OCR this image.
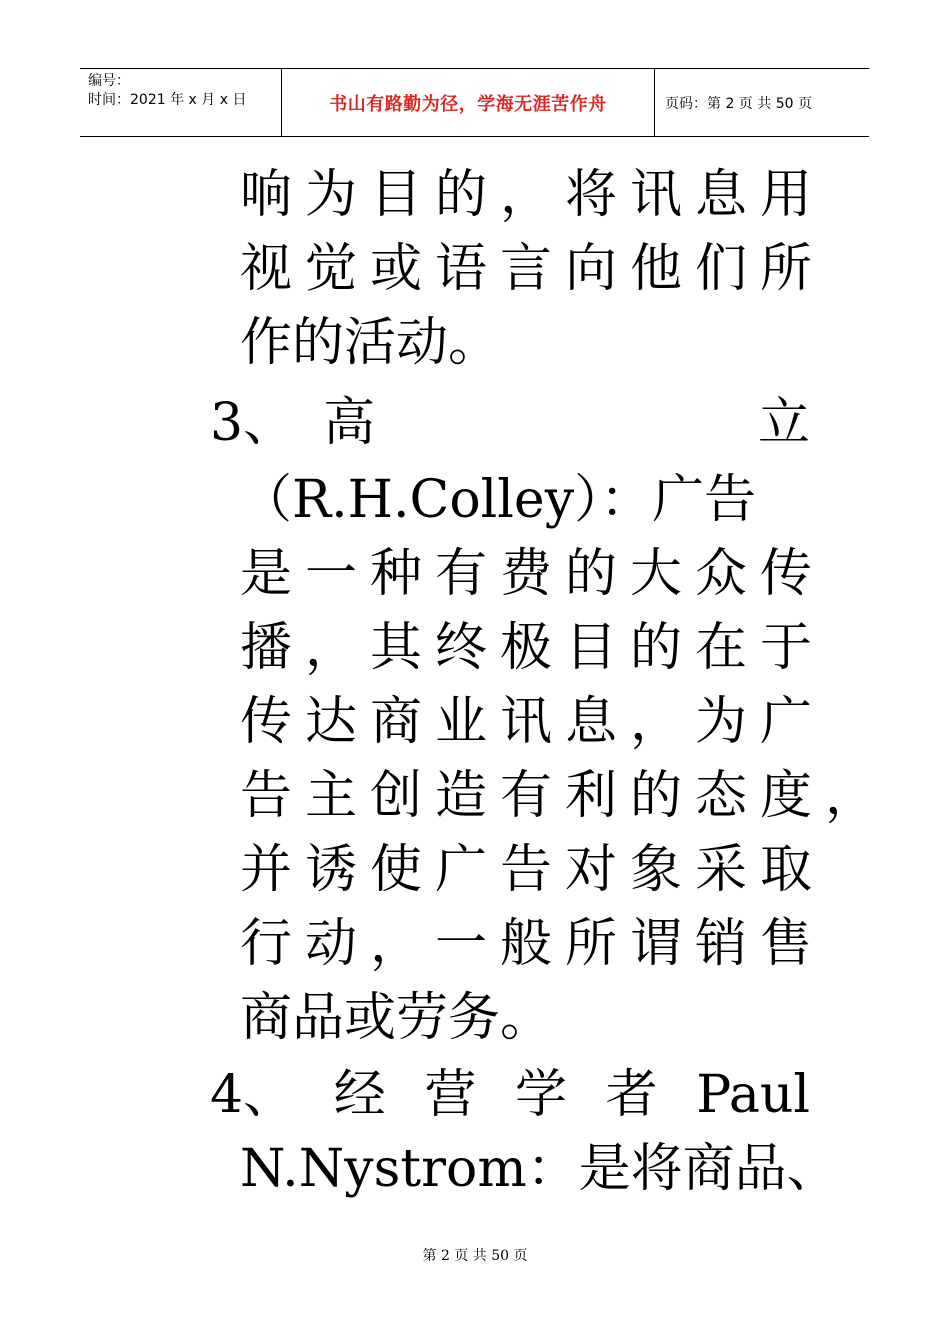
编号：
时间：2021 年 x 月 x 日	书山有路勤为径，学海无涯苦作舟	页码：第 2 页 共 50 页
响为目的，将讯息用
视觉或语言向他们所
作的活动。
3、 高	立
（R.H.Colley）：广告
是一种有费的大众传
播，其终极目的在于
传达商业讯息，为广
告主创造有利的态度，
并诱使广告对象采取
行动，一般所谓销售
商品或劳务。
4、 经 营 学 者 Paul
N.Nystrom：是将商品、
第 2 页 共 50 页
